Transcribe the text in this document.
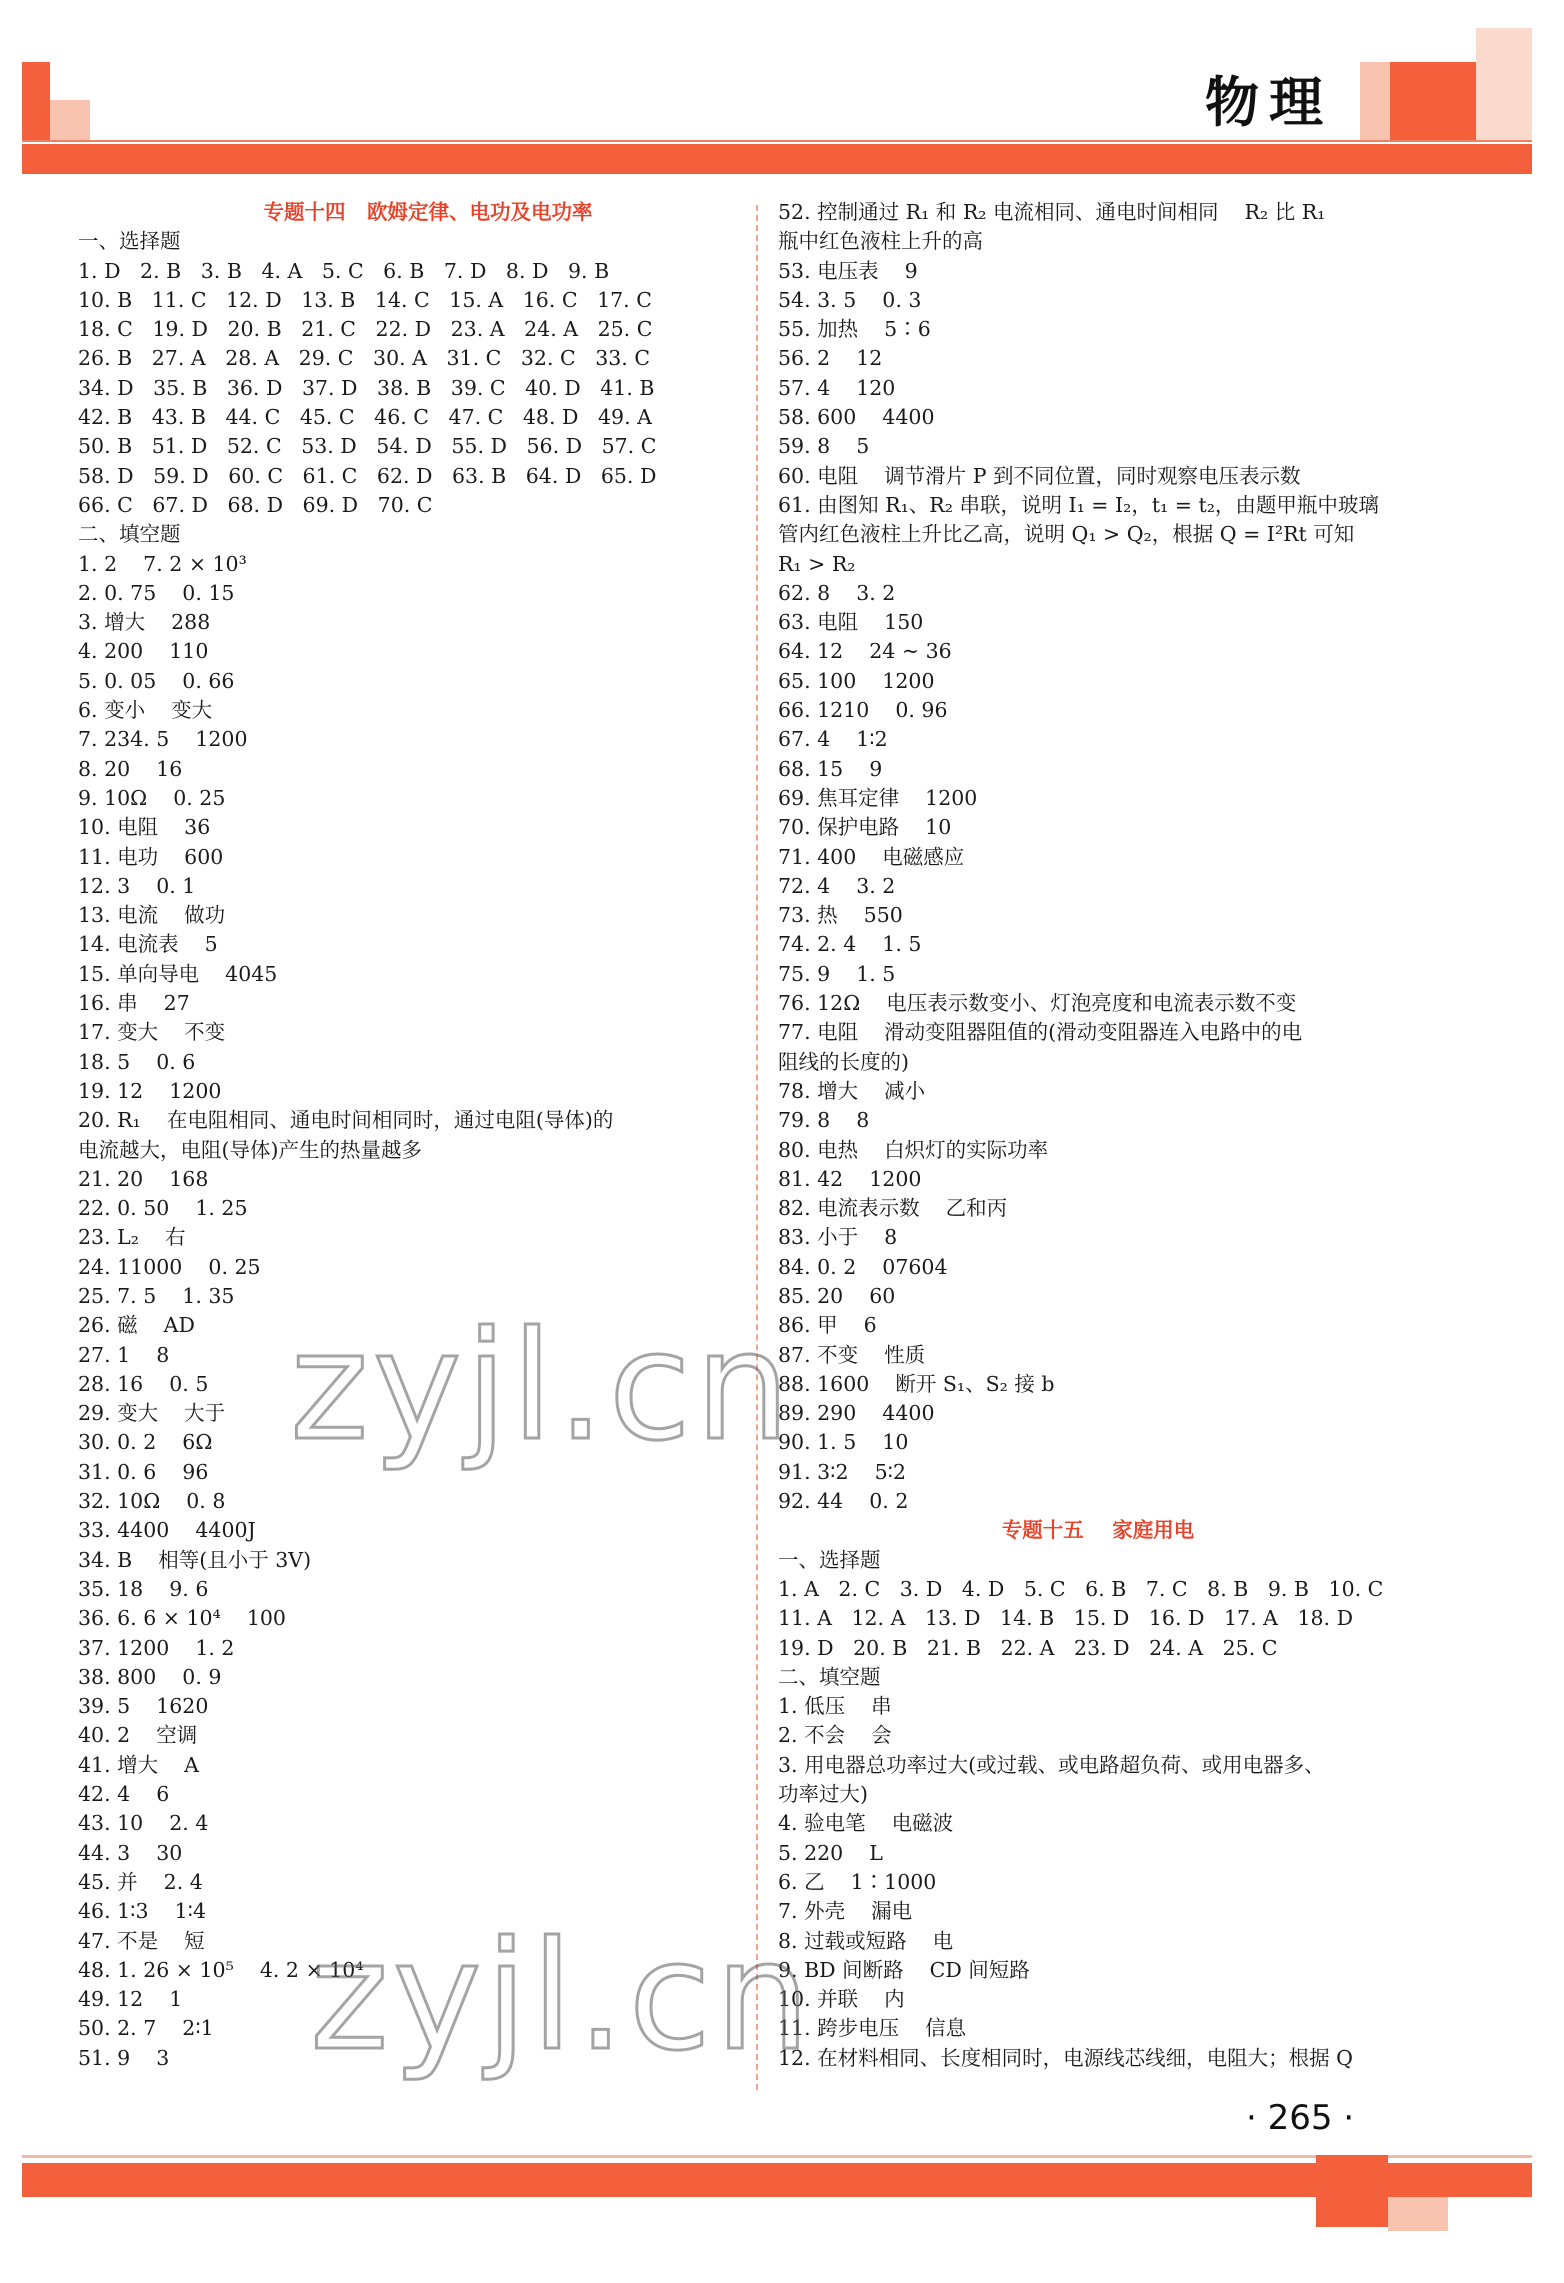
物理
专题十四   欧姆定律、电功及电功率
一、选择题
1. D   2. B   3. B   4. A   5. C   6. B   7. D   8. D   9. B
10. B   11. C   12. D   13. B   14. C   15. A   16. C   17. C
18. C   19. D   20. B   21. C   22. D   23. A   24. A   25. C
26. B   27. A   28. A   29. C   30. A   31. C   32. C   33. C
34. D   35. B   36. D   37. D   38. B   39. C   40. D   41. B
42. B   43. B   44. C   45. C   46. C   47. C   48. D   49. A
50. B   51. D   52. C   53. D   54. D   55. D   56. D   57. C
58. D   59. D   60. C   61. C   62. D   63. B   64. D   65. D
66. C   67. D   68. D   69. D   70. C
二、填空题
1. 2    7. 2 × 10³
2. 0. 75    0. 15
3. 增大    288
4. 200    110
5. 0. 05    0. 66
6. 变小    变大
7. 234. 5    1200
8. 20    16
9. 10Ω    0. 25
10. 电阻    36
11. 电功    600
12. 3    0. 1
13. 电流    做功
14. 电流表    5
15. 单向导电    4045
16. 串    27
17. 变大    不变
18. 5    0. 6
19. 12    1200
20. R₁    在电阻相同、通电时间相同时，通过电阻(导体)的
电流越大，电阻(导体)产生的热量越多
21. 20    168
22. 0. 50    1. 25
23. L₂    右
24. 11000    0. 25
25. 7. 5    1. 35
26. 磁    AD
27. 1    8
28. 16    0. 5
29. 变大    大于
30. 0. 2    6Ω
31. 0. 6    96
32. 10Ω    0. 8
33. 4400    4400J
34. B    相等(且小于 3V)
35. 18    9. 6
36. 6. 6 × 10⁴    100
37. 1200    1. 2
38. 800    0. 9
39. 5    1620
40. 2    空调
41. 增大    A
42. 4    6
43. 10    2. 4
44. 3    30
45. 并    2. 4
46. 1∶3    1∶4
47. 不是    短
48. 1. 26 × 10⁵    4. 2 × 10⁴
49. 12    1
50. 2. 7    2∶1
51. 9    3
52. 控制通过 R₁ 和 R₂ 电流相同、通电时间相同    R₂ 比 R₁
瓶中红色液柱上升的高
53. 电压表    9
54. 3. 5    0. 3
55. 加热    5∶6
56. 2    12
57. 4    120
58. 600    4400
59. 8    5
60. 电阻    调节滑片 P 到不同位置，同时观察电压表示数
61. 由图知 R₁、R₂ 串联，说明 I₁ = I₂，t₁ = t₂，由题甲瓶中玻璃
管内红色液柱上升比乙高，说明 Q₁ > Q₂，根据 Q = I²Rt 可知
R₁ > R₂
62. 8    3. 2
63. 电阻    150
64. 12    24 ~ 36
65. 100    1200
66. 1210    0. 96
67. 4    1∶2
68. 15    9
69. 焦耳定律    1200
70. 保护电路    10
71. 400    电磁感应
72. 4    3. 2
73. 热    550
74. 2. 4    1. 5
75. 9    1. 5
76. 12Ω    电压表示数变小、灯泡亮度和电流表示数不变
77. 电阻    滑动变阻器阻值的(滑动变阻器连入电路中的电
阻线的长度的)
78. 增大    减小
79. 8    8
80. 电热    白炽灯的实际功率
81. 42    1200
82. 电流表示数    乙和丙
83. 小于    8
84. 0. 2    07604
85. 20    60
86. 甲    6
87. 不变    性质
88. 1600    断开 S₁、S₂ 接 b
89. 290    4400
90. 1. 5    10
91. 3∶2    5∶2
92. 44    0. 2
专题十五    家庭用电
一、选择题
1. A   2. C   3. D   4. D   5. C   6. B   7. C   8. B   9. B   10. C
11. A   12. A   13. D   14. B   15. D   16. D   17. A   18. D
19. D   20. B   21. B   22. A   23. D   24. A   25. C
二、填空题
1. 低压    串
2. 不会    会
3. 用电器总功率过大(或过载、或电路超负荷、或用电器多、
功率过大)
4. 验电笔    电磁波
5. 220    L
6. 乙    1∶1000
7. 外壳    漏电
8. 过载或短路    电
9. BD 间断路    CD 间短路
10. 并联    内
11. 跨步电压    信息
12. 在材料相同、长度相同时，电源线芯线细，电阻大；根据 Q
zyjl.cn
zyjl.cn
· 265 ·
